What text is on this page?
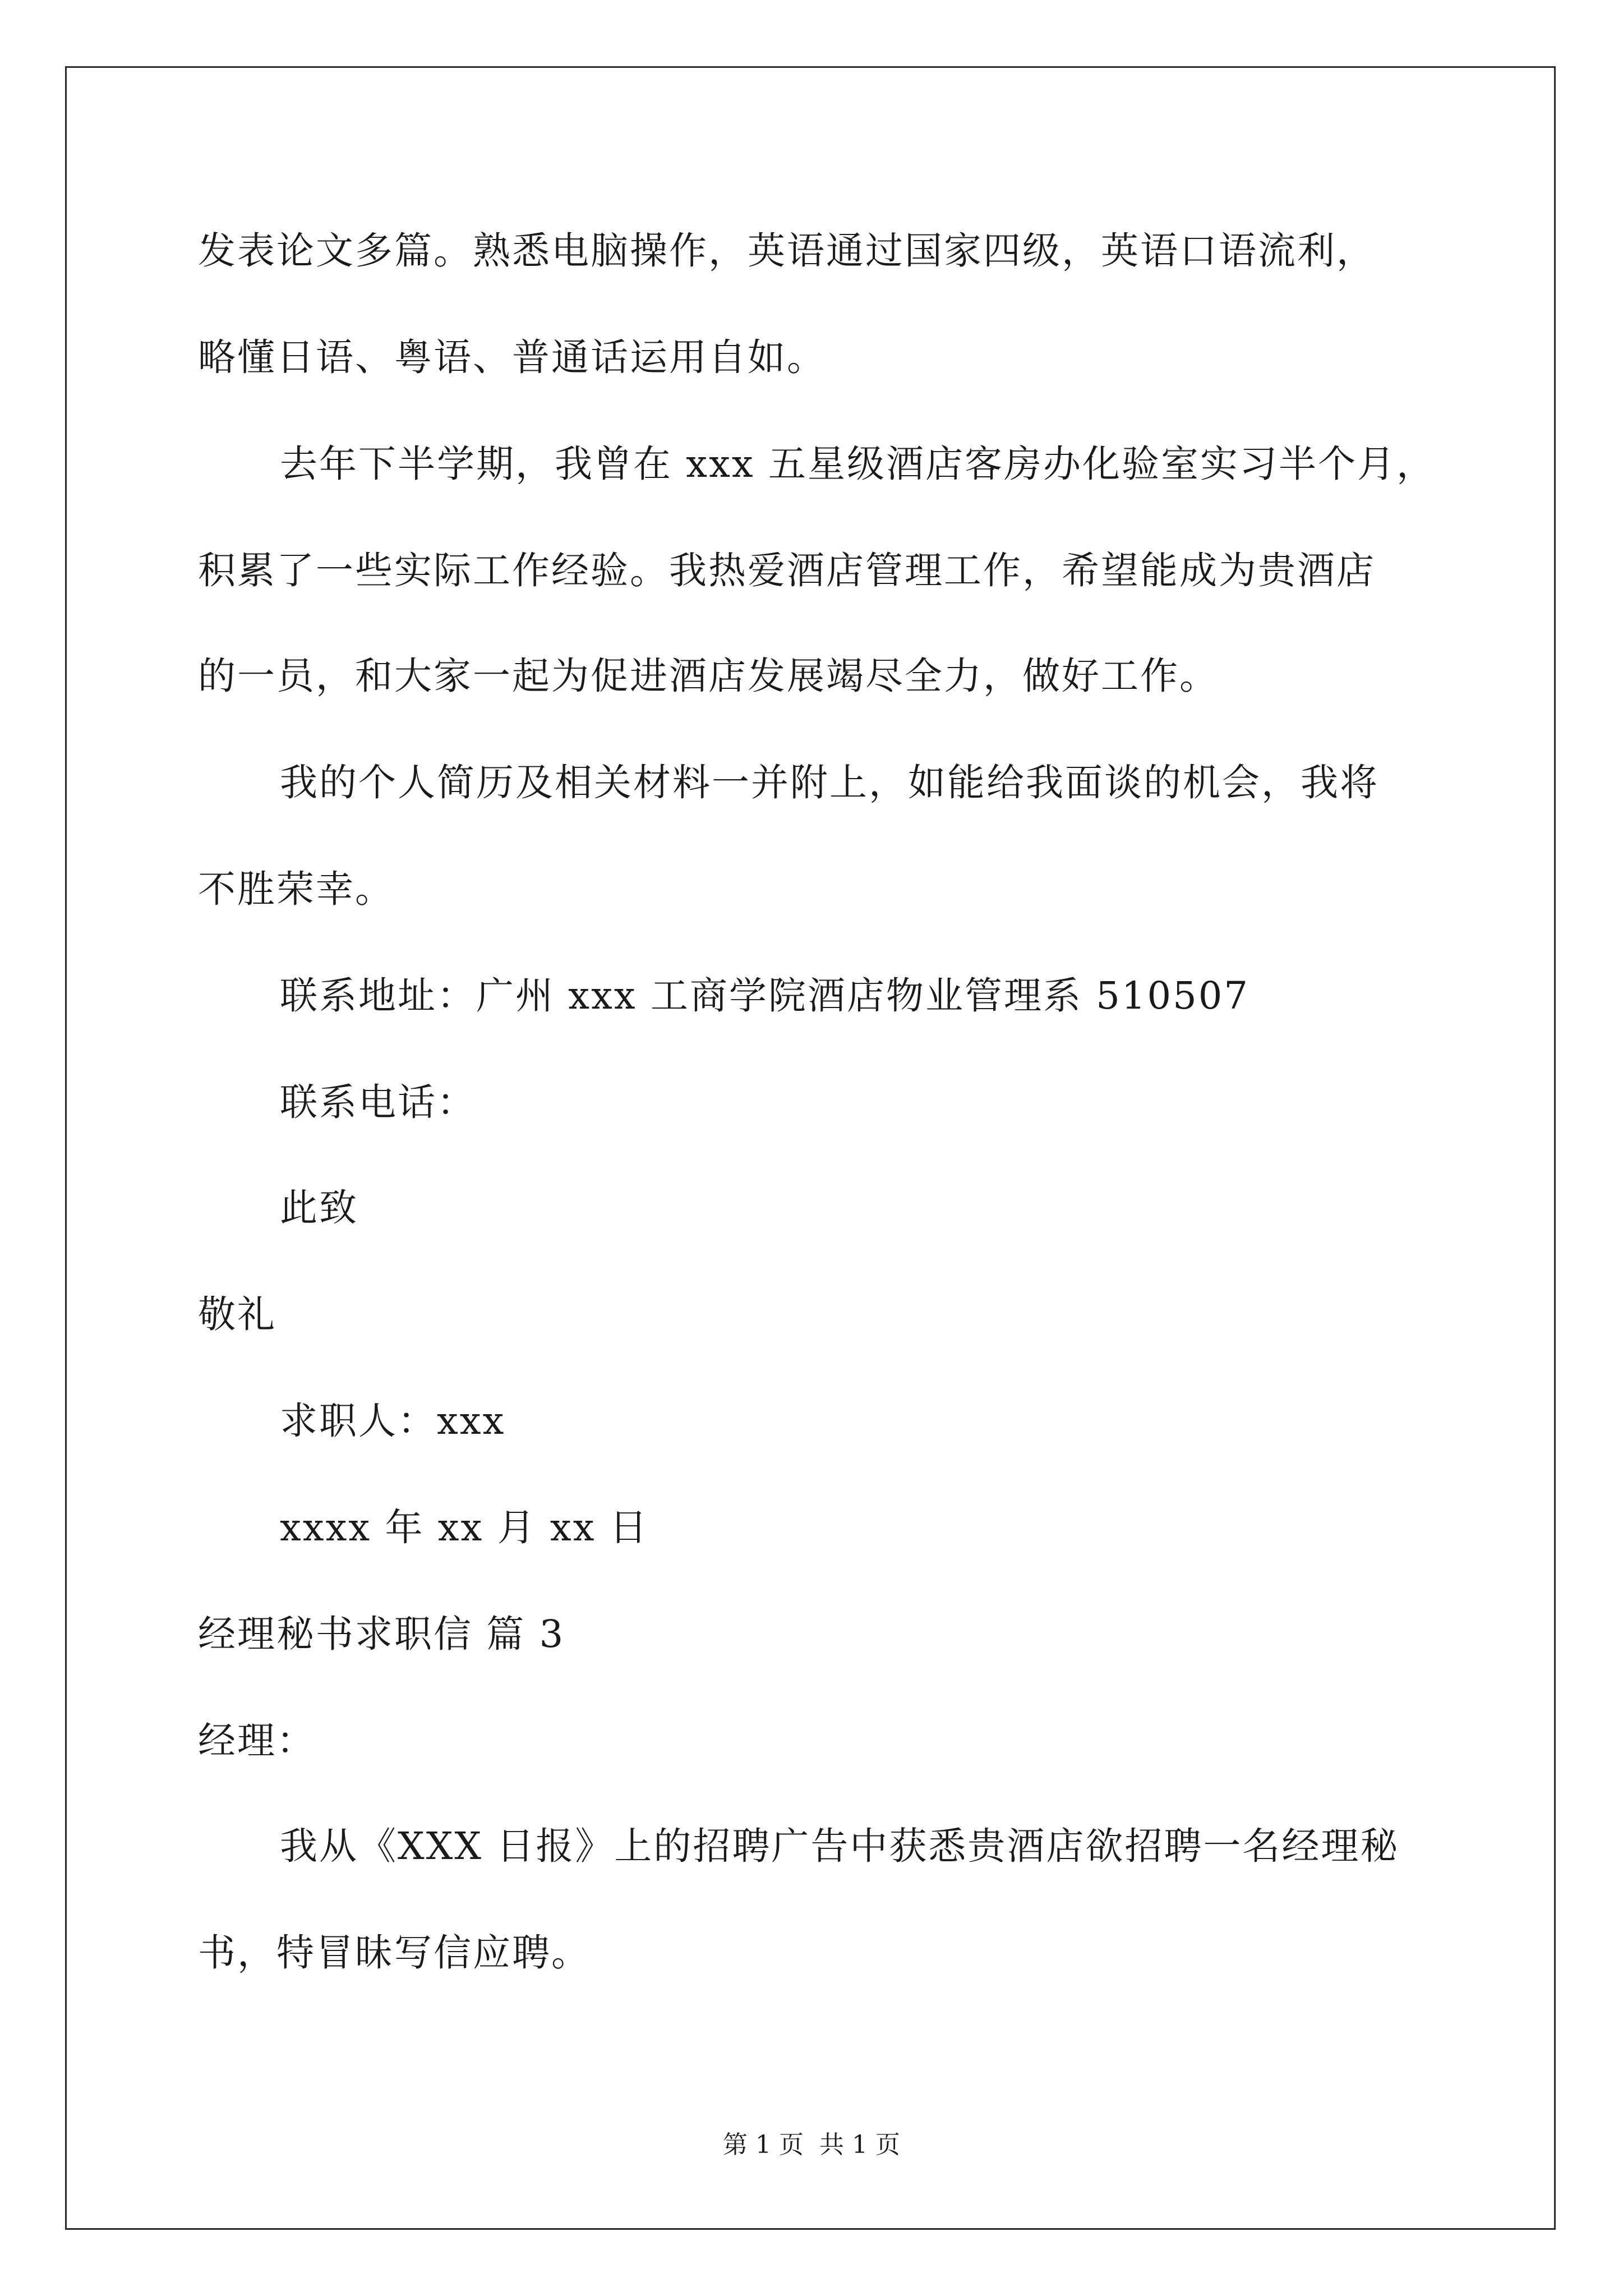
发表论文多篇。熟悉电脑操作，英语通过国家四级，英语口语流利，
略懂日语、粤语、普通话运用自如。
去年下半学期，我曾在 xxx 五星级酒店客房办化验室实习半个月，
积累了一些实际工作经验。我热爱酒店管理工作，希望能成为贵酒店
的一员，和大家一起为促进酒店发展竭尽全力，做好工作。
我的个人简历及相关材料一并附上，如能给我面谈的机会，我将
不胜荣幸。
联系地址：广州 xxx 工商学院酒店物业管理系 510507
联系电话：
此致
敬礼
求职人：xxx
xxxx 年 xx 月 xx 日
经理秘书求职信 篇 3
经理：
我从《XXX 日报》上的招聘广告中获悉贵酒店欲招聘一名经理秘
书，特冒昧写信应聘。
第 1 页 共 1 页
